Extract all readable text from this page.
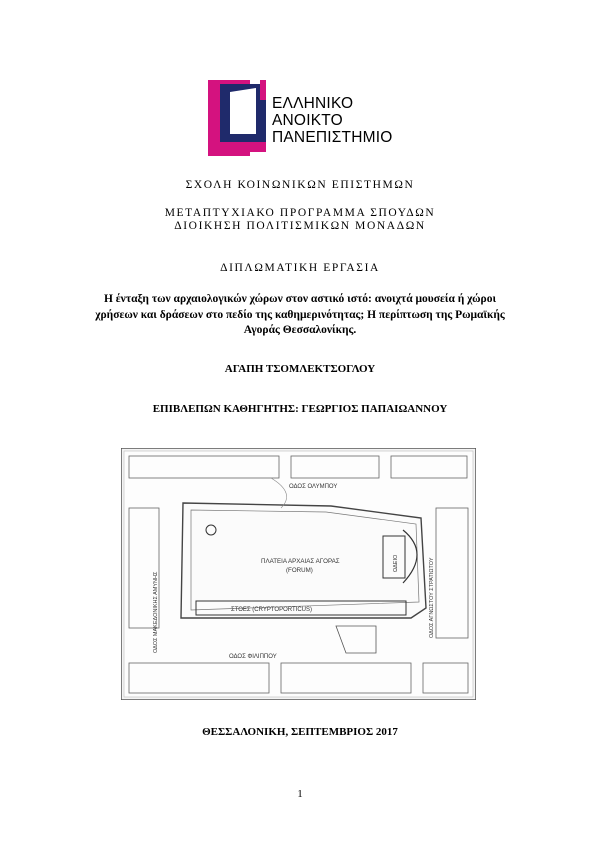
ΕΛΛΗΝΙΚΟ
ΑΝΟΙΚΤΟ
ΠΑΝΕΠΙΣΤΗΜΙΟ
ΣΧΟΛΗ ΚΟΙΝΩΝΙΚΩΝ ΕΠΙΣΤΗΜΩΝ
ΜΕΤΑΠΤΥΧΙΑΚΟ ΠΡΟΓΡΑΜΜΑ ΣΠΟΥΔΩΝ
ΔΙΟΙΚΗΣΗ ΠΟΛΙΤΙΣΜΙΚΩΝ ΜΟΝΑΔΩΝ
ΔΙΠΛΩΜΑΤΙΚΗ ΕΡΓΑΣΙΑ
Η ένταξη των αρχαιολογικών χώρων στον αστικό ιστό: ανοιχτά μουσεία ή χώροι χρήσεων και δράσεων στο πεδίο της καθημερινότητας; Η περίπτωση της Ρωμαϊκής Αγοράς Θεσσαλονίκης.
ΑΓΑΠΗ ΤΣΟΜΛΕΚΤΣΟΓΛΟΥ
ΕΠΙΒΛΕΠΩΝ ΚΑΘΗΓΗΤΗΣ: ΓΕΩΡΓΙΟΣ ΠΑΠΑΙΩΑΝΝΟΥ
ΟΔΟΣ ΟΛΥΜΠΟΥ
ΟΔΟΣ ΦΙΛΙΠΠΟΥ
ΟΔΟΣ ΜΑΚΕΔΟΝΙΚΗΣ ΑΜΥΝΗΣ	ΟΔΟΣ ΑΓΝΩΣΤΟΥ ΣΤΡΑΤΙΩΤΟΥ
ΠΛΑΤΕΙΑ ΑΡΧΑΙΑΣ ΑΓΟΡΑΣ
(FORUM)
ΣΤΟΕΣ (CRYPTOPORTICUS)
ΩΔΕΙΟ
ΘΕΣΣΑΛΟΝΙΚΗ, ΣΕΠΤΕΜΒΡΙΟΣ 2017
1
